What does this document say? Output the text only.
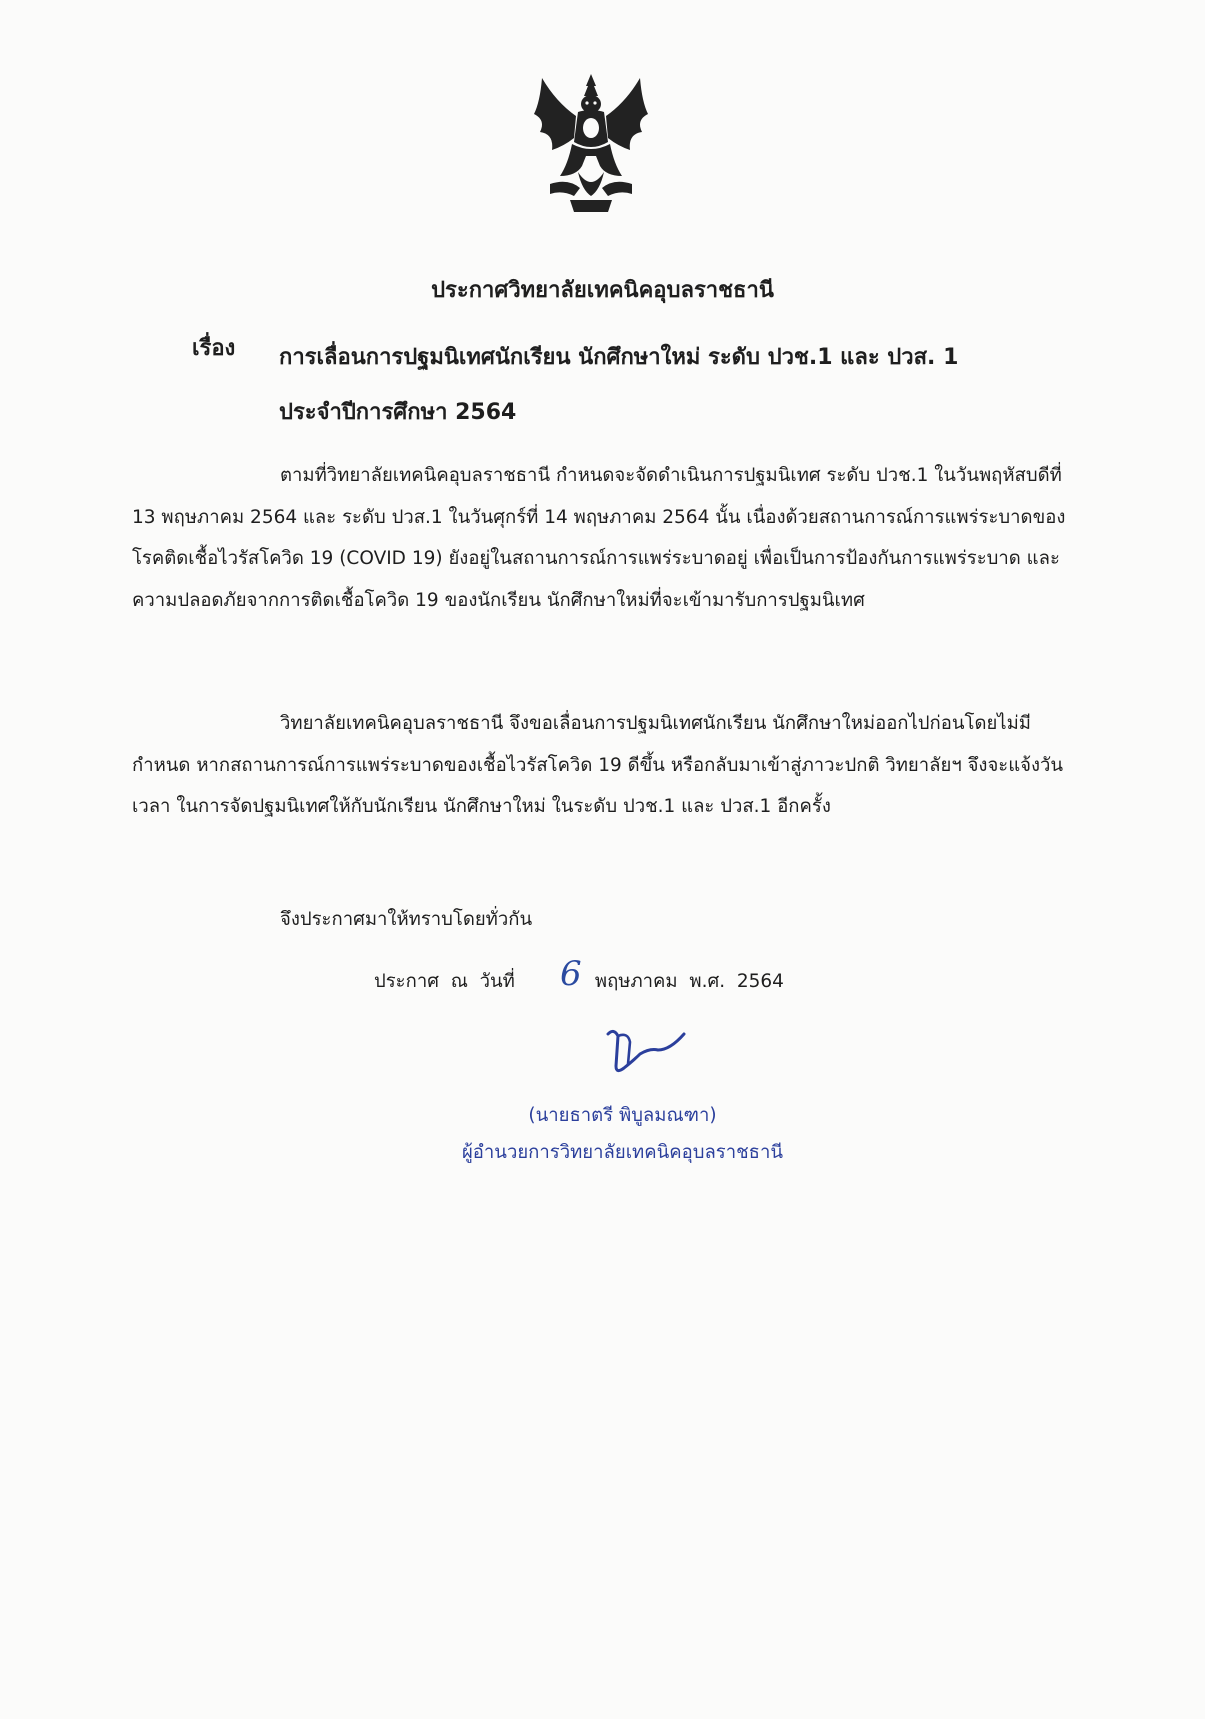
ประกาศวิทยาลัยเทคนิคอุบลราชธานี
เรื่อง การเลื่อนการปฐมนิเทศนักเรียน นักศึกษาใหม่ ระดับ ปวช.1 และ ปวส. 1
ประจำปีการศึกษา 2564
ตามที่วิทยาลัยเทคนิคอุบลราชธานี กำหนดจะจัดดำเนินการปฐมนิเทศ ระดับ ปวช.1 ในวันพฤหัสบดีที่ 13 พฤษภาคม 2564 และ ระดับ ปวส.1 ในวันศุกร์ที่ 14 พฤษภาคม 2564 นั้น เนื่องด้วยสถานการณ์การแพร่ระบาดของโรคติดเชื้อไวรัสโควิด 19 (COVID 19) ยังอยู่ในสถานการณ์การแพร่ระบาดอยู่ เพื่อเป็นการป้องกันการแพร่ระบาด และความปลอดภัยจากการติดเชื้อโควิด 19 ของนักเรียน นักศึกษาใหม่ที่จะเข้ามารับการปฐมนิเทศ
วิทยาลัยเทคนิคอุบลราชธานี จึงขอเลื่อนการปฐมนิเทศนักเรียน นักศึกษาใหม่ออกไปก่อนโดยไม่มีกำหนด หากสถานการณ์การแพร่ระบาดของเชื้อไวรัสโควิด 19 ดีขึ้น หรือกลับมาเข้าสู่ภาวะปกติ วิทยาลัยฯ จึงจะแจ้งวัน เวลา ในการจัดปฐมนิเทศให้กับนักเรียน นักศึกษาใหม่ ในระดับ ปวช.1 และ ปวส.1 อีกครั้ง
จึงประกาศมาให้ทราบโดยทั่วกัน
ประกาศ  ณ  วันที่	พฤษภาคม  พ.ศ.  2564
6
(นายธาตรี พิบูลมณฑา)
ผู้อำนวยการวิทยาลัยเทคนิคอุบลราชธานี
